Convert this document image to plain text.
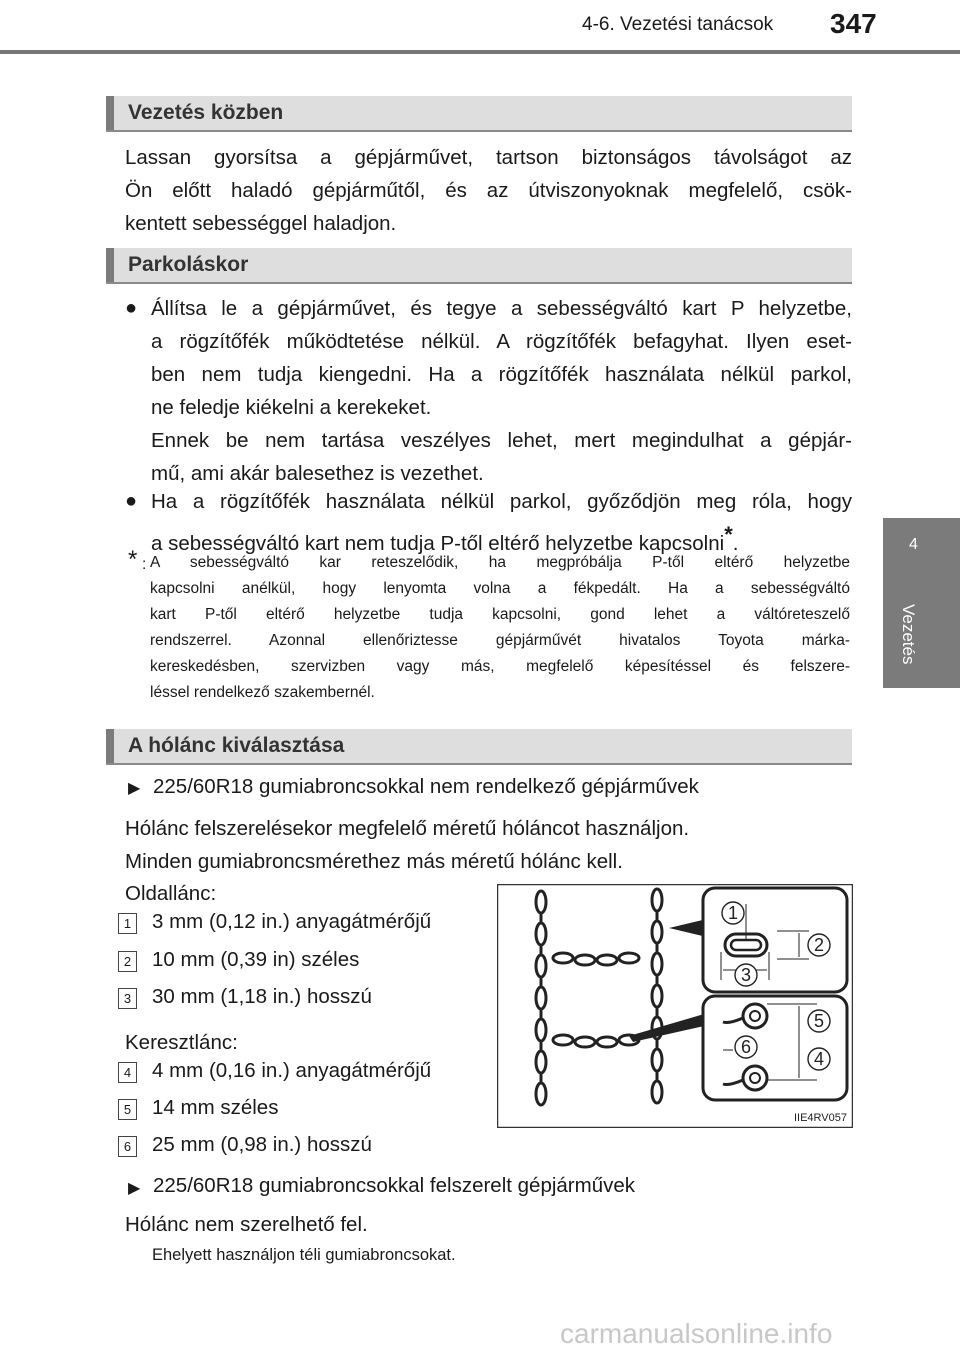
4-6. Vezetési tanácsok 347
4
Vezetés
Vezetés közben
Lassan gyorsítsa a gépjárművet, tartson biztonságos távolságot az
Ön előtt haladó gépjárműtől, és az útviszonyoknak megfelelő, csök-
kentett sebességgel haladjon.
Parkoláskor
● Állítsa le a gépjárművet, és tegye a sebességváltó kart P helyzetbe,
a rögzítőfék működtetése nélkül. A rögzítőfék befagyhat. Ilyen eset-
ben nem tudja kiengedni. Ha a rögzítőfék használata nélkül parkol,
ne feledje kiékelni a kerekeket.
Ennek be nem tartása veszélyes lehet, mert megindulhat a gépjár-
mű, ami akár balesethez is vezethet.
● Ha a rögzítőfék használata nélkül parkol, győződjön meg róla, hogy
a sebességváltó kart nem tudja P-től eltérő helyzetbe kapcsolni*.
* : A sebességváltó kar reteszelődik, ha megpróbálja P-től eltérő helyzetbe
kapcsolni anélkül, hogy lenyomta volna a fékpedált. Ha a sebességváltó
kart P-től eltérő helyzetbe tudja kapcsolni, gond lehet a váltóreteszelő
rendszerrel. Azonnal ellenőriztesse gépjárművét hivatalos Toyota márka-
kereskedésben, szervizben vagy más, megfelelő képesítéssel és felszere-
léssel rendelkező szakembernél.
A hólánc kiválasztása
▶ 225/60R18 gumiabroncsokkal nem rendelkező gépjárművek
Hólánc felszerelésekor megfelelő méretű hóláncot használjon.
Minden gumiabroncsmérethez más méretű hólánc kell.
Oldallánc:
1 3 mm (0,12 in.) anyagátmérőjű
2 10 mm (0,39 in) széles
3 30 mm (1,18 in.) hosszú
Keresztlánc:
4 4 mm (0,16 in.) anyagátmérőjű
5 14 mm széles
6 25 mm (0,98 in.) hosszú
1
2
3
4
5
6
IIE4RV057
▶ 225/60R18 gumiabroncsokkal felszerelt gépjárművek
Hólánc nem szerelhető fel.
Ehelyett használjon téli gumiabroncsokat.
carmanualsonline.info
